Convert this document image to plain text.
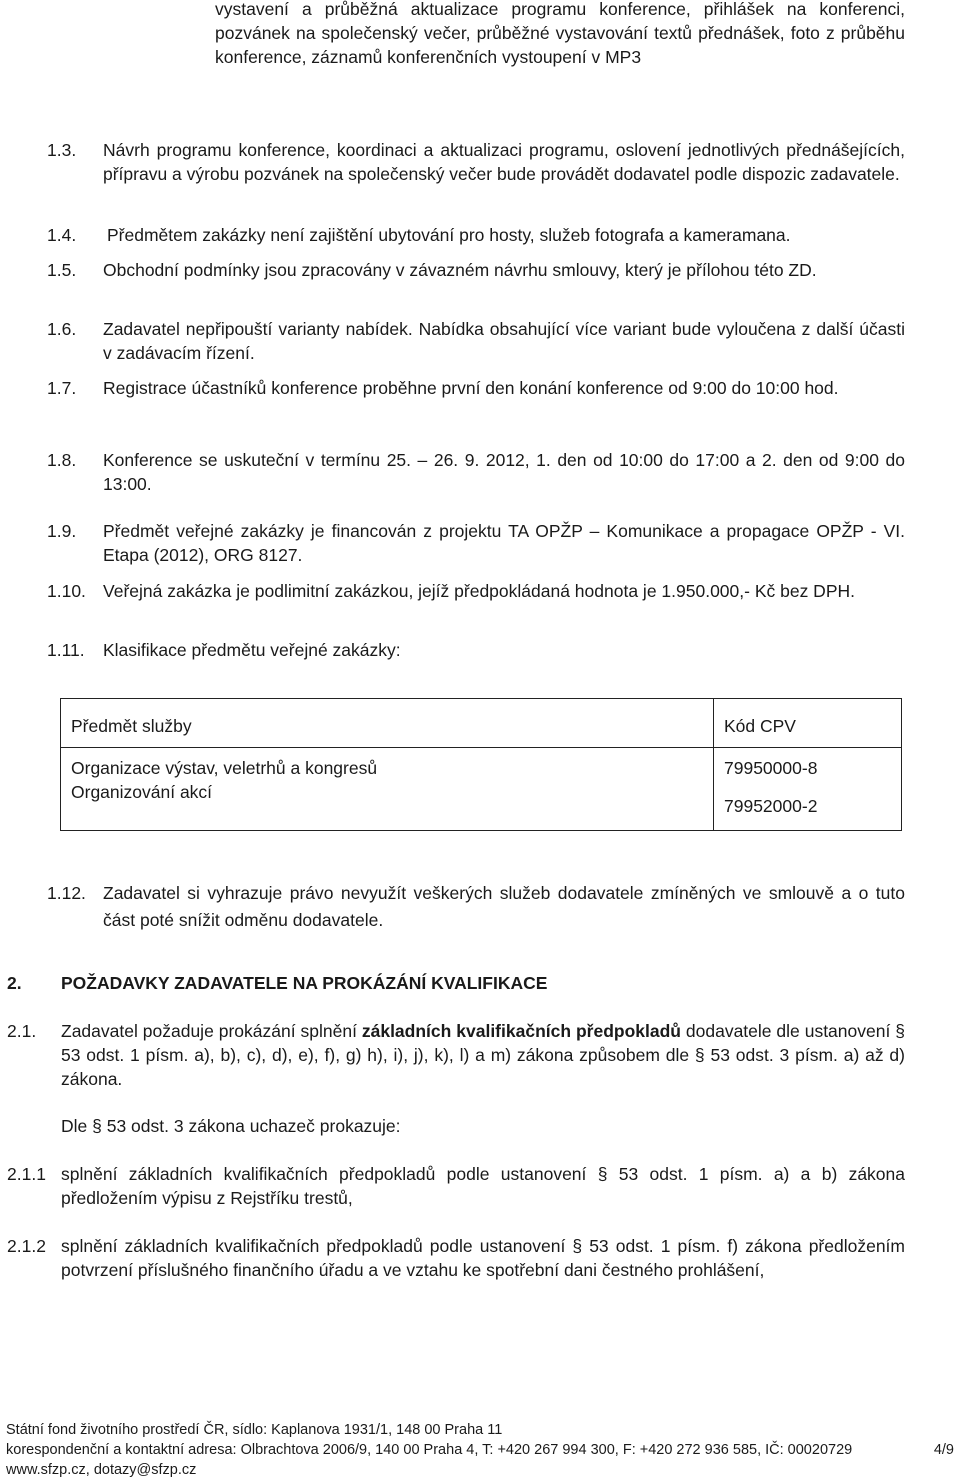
vystavení a průběžná aktualizace programu konference, přihlášek na konferenci, pozvánek na společenský večer, průběžné vystavování textů přednášek, foto z průběhu konference, záznamů konferenčních vystoupení v MP3
1.3. Návrh programu konference, koordinaci a aktualizaci programu, oslovení jednotlivých přednášejících, přípravu a výrobu pozvánek na společenský večer bude provádět dodavatel podle dispozic zadavatele.
1.4. Předmětem zakázky není zajištění ubytování pro hosty, služeb fotografa a kameramana.
1.5. Obchodní podmínky jsou zpracovány v závazném návrhu smlouvy, který je přílohou této ZD.
1.6. Zadavatel nepřipouští varianty nabídek. Nabídka obsahující více variant bude vyloučena z další účasti v zadávacím řízení.
1.7. Registrace účastníků konference proběhne první den konání konference od 9:00 do 10:00 hod.
1.8. Konference se uskuteční v termínu 25. – 26. 9. 2012, 1. den od 10:00 do 17:00 a 2. den od 9:00 do 13:00.
1.9. Předmět veřejné zakázky je financován z projektu TA OPŽP – Komunikace a propagace OPŽP - VI. Etapa (2012), ORG 8127.
1.10. Veřejná zakázka je podlimitní zakázkou, jejíž předpokládaná hodnota je 1.950.000,- Kč bez DPH.
1.11. Klasifikace předmětu veřejné zakázky:
Předmět služby	Kód CPV
Organizace výstav, veletrhů a kongresů	79950000-8
Organizování akcí	79952000-2
1.12. Zadavatel si vyhrazuje právo nevyužít veškerých služeb dodavatele zmíněných ve smlouvě a o tuto část poté snížit odměnu dodavatele.
2. POŽADAVKY ZADAVATELE NA PROKÁZÁNÍ KVALIFIKACE
2.1. Zadavatel požaduje prokázání splnění základních kvalifikačních předpokladů dodavatele dle ustanovení § 53 odst. 1 písm. a), b), c), d), e), f), g) h), i), j), k), l) a m) zákona způsobem dle § 53 odst. 3 písm. a) až d) zákona.
Dle § 53 odst. 3 zákona uchazeč prokazuje:
2.1.1 splnění základních kvalifikačních předpokladů podle ustanovení § 53 odst. 1 písm. a) a b) zákona předložením výpisu z Rejstříku trestů,
2.1.2 splnění základních kvalifikačních předpokladů podle ustanovení § 53 odst. 1 písm. f) zákona předložením potvrzení příslušného finančního úřadu a ve vztahu ke spotřební dani čestného prohlášení,
Státní fond životního prostředí ČR, sídlo: Kaplanova 1931/1, 148 00 Praha 11
korespondenční a kontaktní adresa: Olbrachtova 2006/9, 140 00 Praha 4, T: +420 267 994 300, F: +420 272 936 585, IČ: 00020729
www.sfzp.cz, dotazy@sfzp.cz
4/9
